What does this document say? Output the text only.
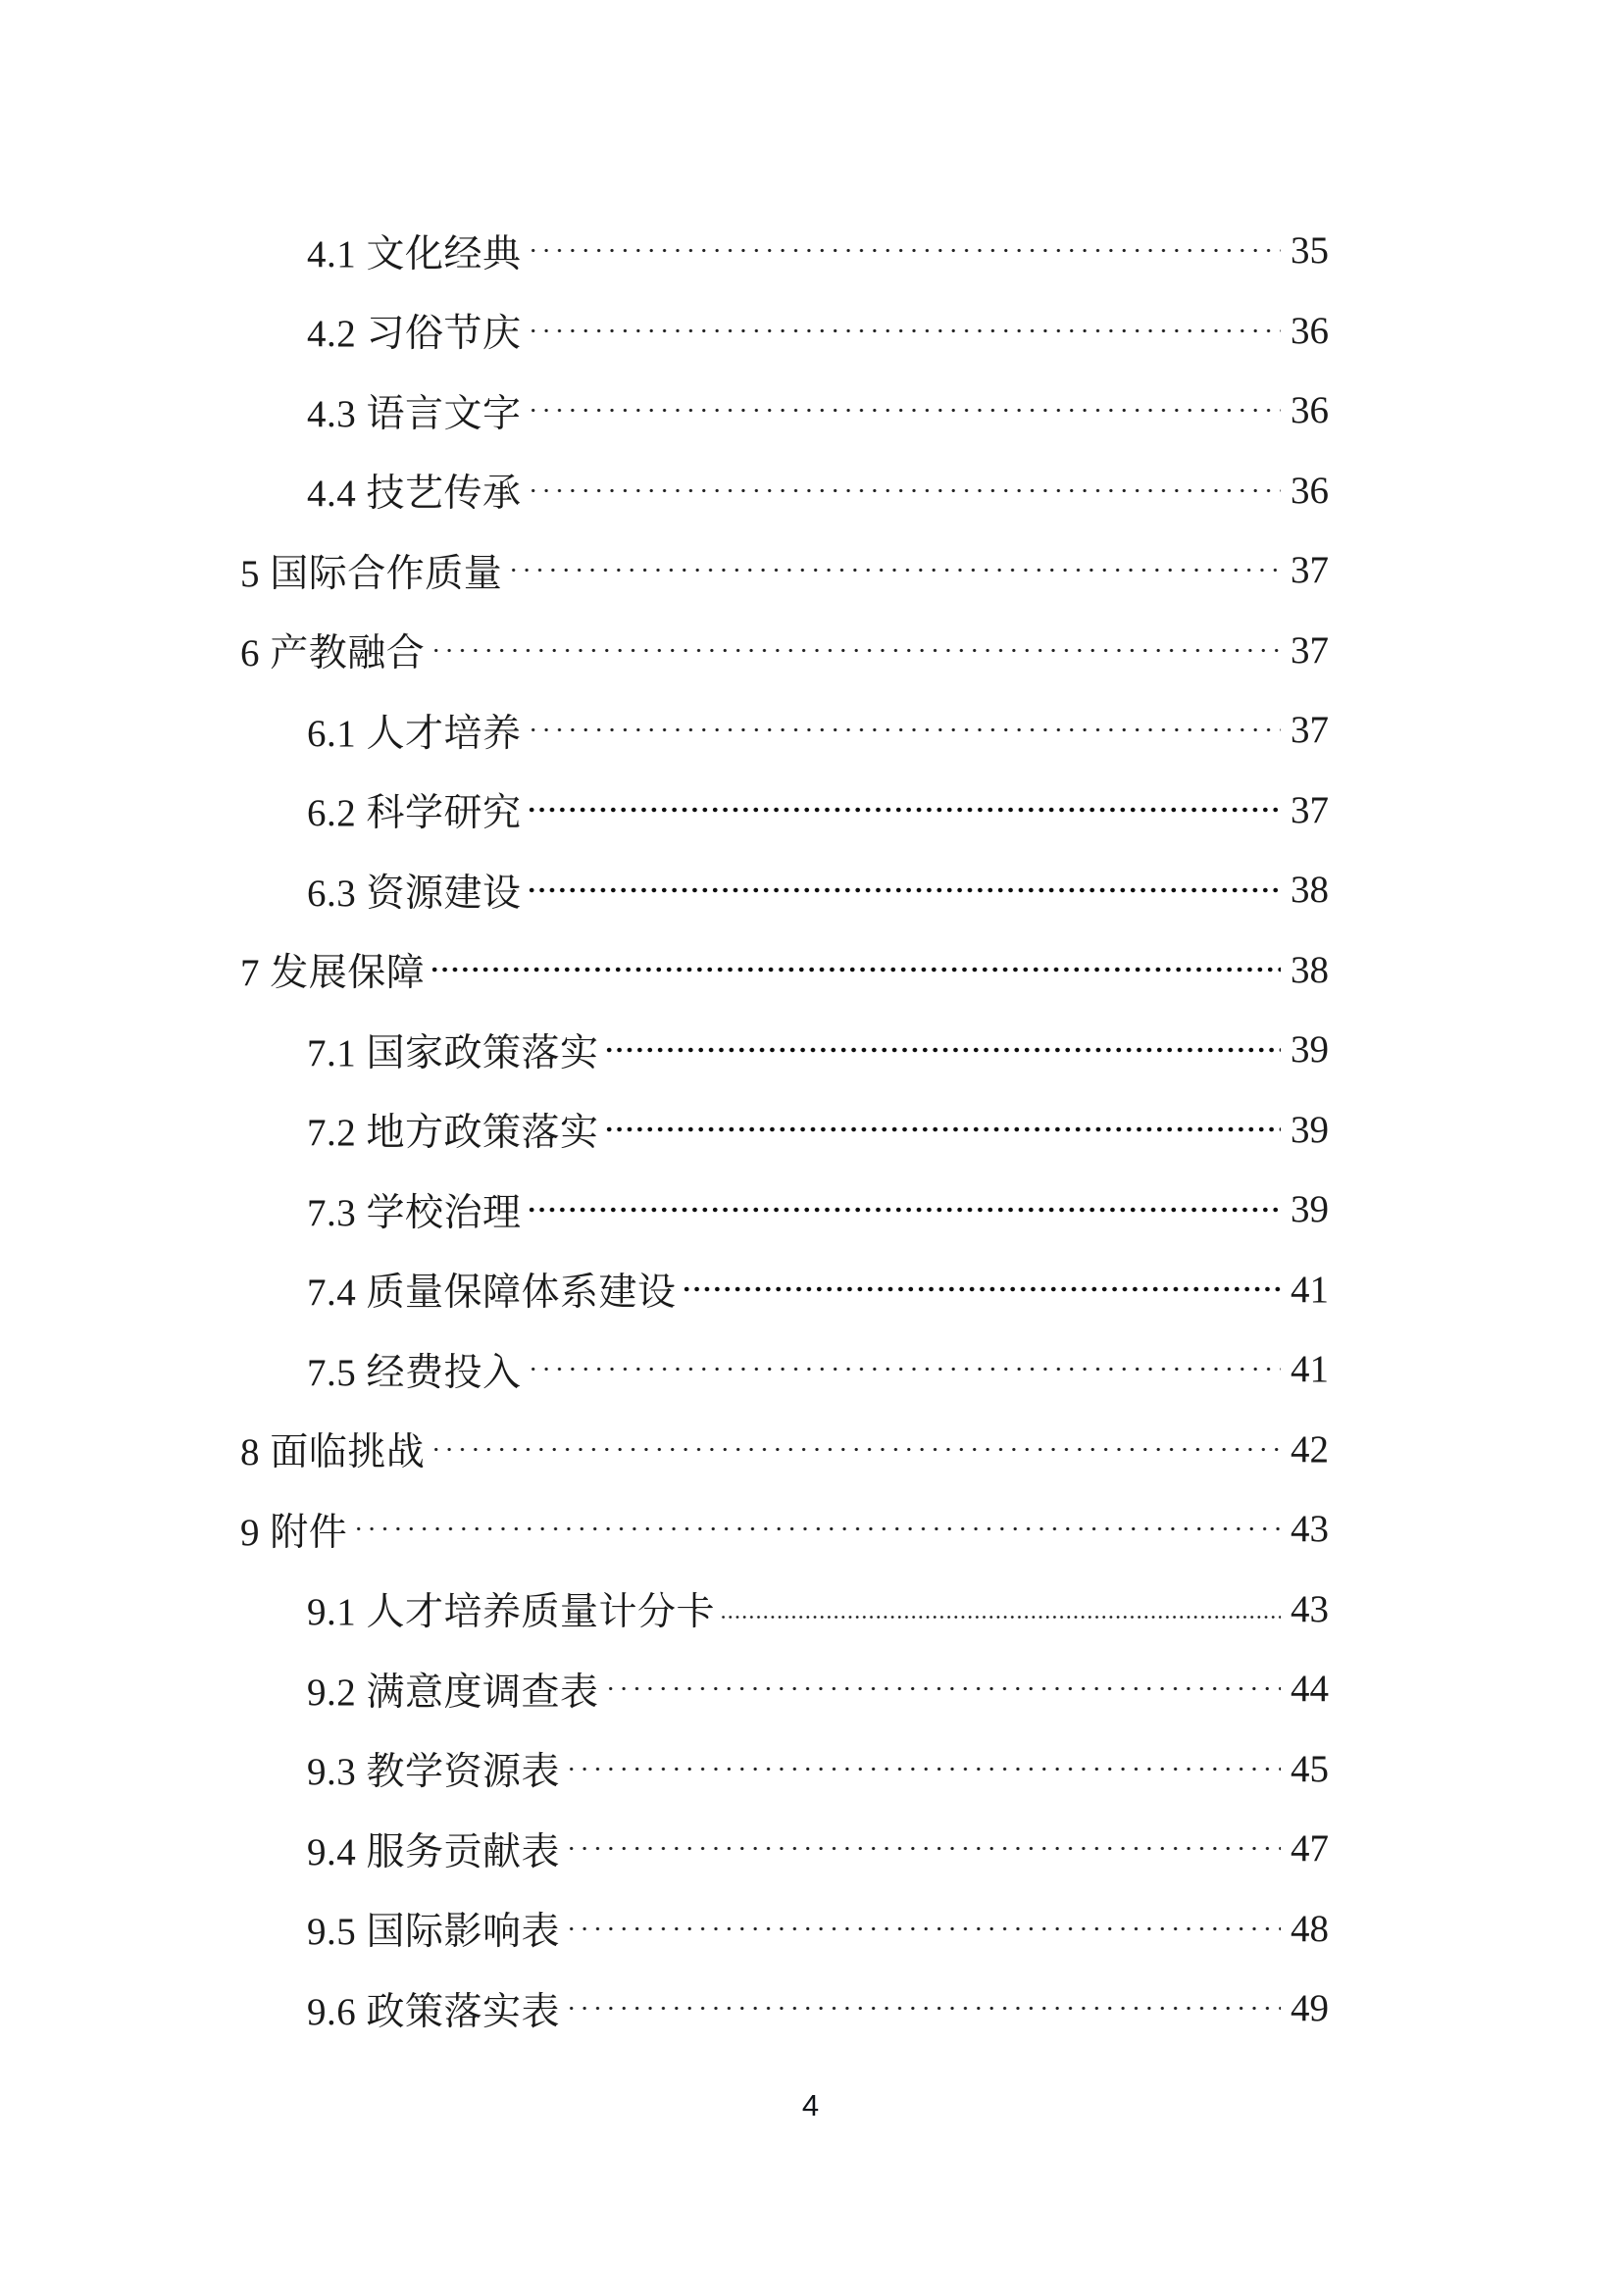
4.1 文化经典	35
4.2 习俗节庆	36
4.3 语言文字	36
4.4 技艺传承	36
5 国际合作质量	37
6 产教融合	37
6.1 人才培养	37
6.2 科学研究	37
6.3 资源建设	38
7 发展保障	38
7.1 国家政策落实	39
7.2 地方政策落实	39
7.3 学校治理	39
7.4 质量保障体系建设	41
7.5 经费投入	41
8 面临挑战	42
9 附件	43
9.1 人才培养质量计分卡	43
9.2 满意度调查表	44
9.3 教学资源表	45
9.4 服务贡献表	47
9.5 国际影响表	48
9.6 政策落实表	49
4
